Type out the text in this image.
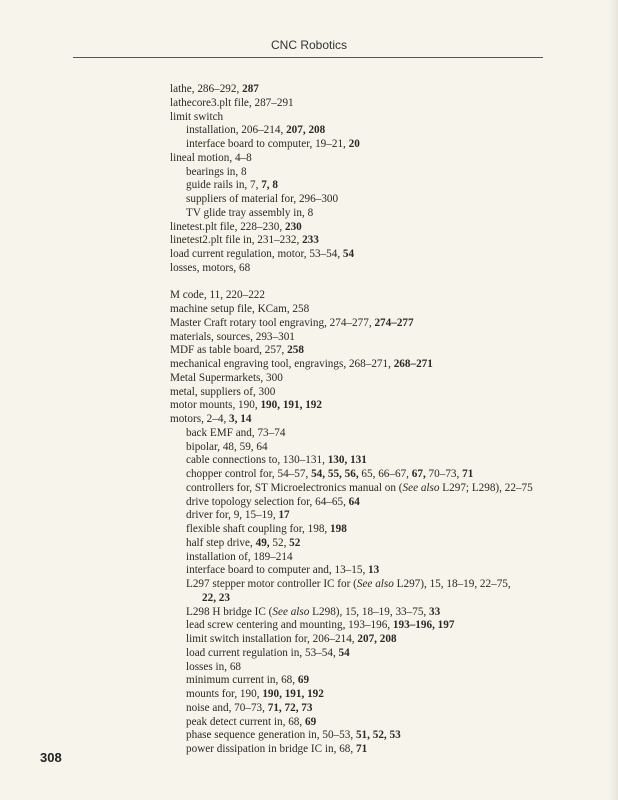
CNC Robotics
lathe, 286–292, 287
lathecore3.plt file, 287–291
limit switch
installation, 206–214, 207, 208
interface board to computer, 19–21, 20
lineal motion, 4–8
bearings in, 8
guide rails in, 7, 7, 8
suppliers of material for, 296–300
TV glide tray assembly in, 8
linetest.plt file, 228–230, 230
linetest2.plt file in, 231–232, 233
load current regulation, motor, 53–54, 54
losses, motors, 68
M code, 11, 220–222
machine setup file, KCam, 258
Master Craft rotary tool engraving, 274–277, 274–277
materials, sources, 293–301
MDF as table board, 257, 258
mechanical engraving tool, engravings, 268–271, 268–271
Metal Supermarkets, 300
metal, suppliers of, 300
motor mounts, 190, 190, 191, 192
motors, 2–4, 3, 14
back EMF and, 73–74
bipolar, 48, 59, 64
cable connections to, 130–131, 130, 131
chopper control for, 54–57, 54, 55, 56, 65, 66–67, 67, 70–73, 71
controllers for, ST Microelectronics manual on (See also L297; L298), 22–75
drive topology selection for, 64–65, 64
driver for, 9, 15–19, 17
flexible shaft coupling for, 198, 198
half step drive, 49, 52, 52
installation of, 189–214
interface board to computer and, 13–15, 13
L297 stepper motor controller IC for (See also L297), 15, 18–19, 22–75,
22, 23
L298 H bridge IC (See also L298), 15, 18–19, 33–75, 33
lead screw centering and mounting, 193–196, 193–196, 197
limit switch installation for, 206–214, 207, 208
load current regulation in, 53–54, 54
losses in, 68
minimum current in, 68, 69
mounts for, 190, 190, 191, 192
noise and, 70–73, 71, 72, 73
peak detect current in, 68, 69
phase sequence generation in, 50–53, 51, 52, 53
power dissipation in bridge IC in, 68, 71
308
